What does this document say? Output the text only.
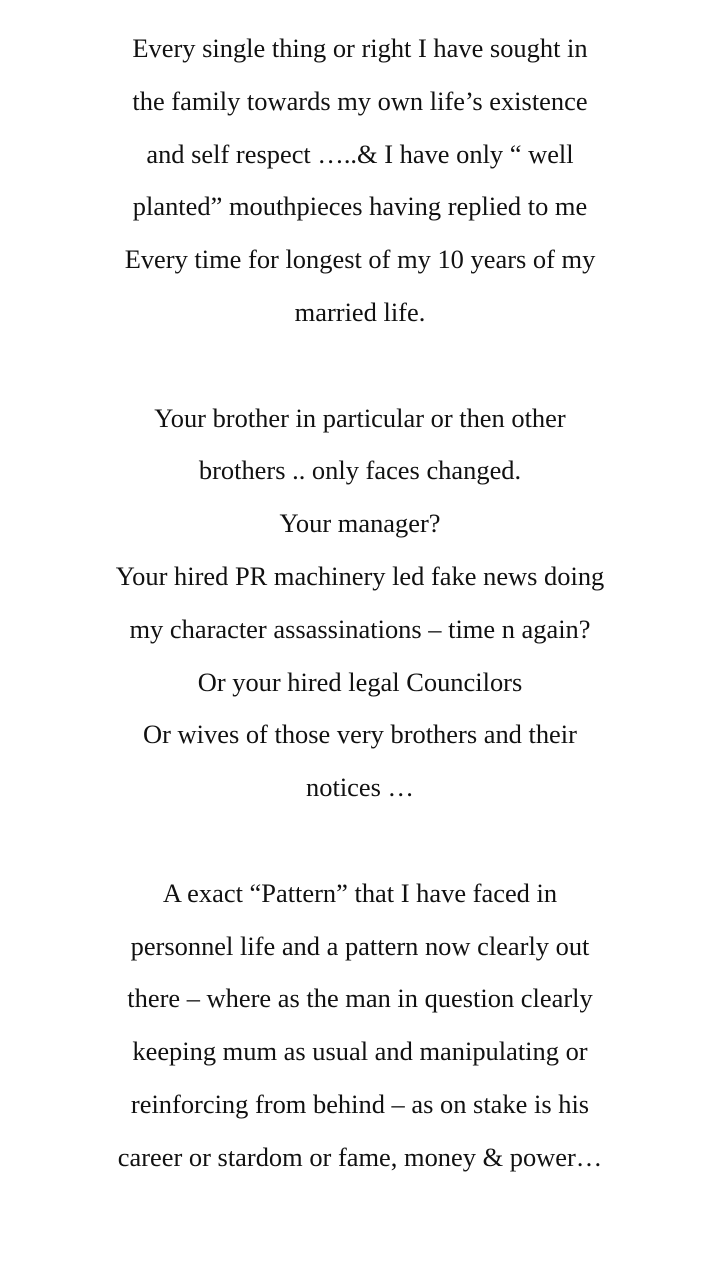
Every single thing or right I have sought in
the family towards my own life’s existence
and self respect …..& I have only “ well
planted” mouthpieces having replied to me
Every time for longest of my 10 years of my
married life.
Your brother in particular or then other
brothers .. only faces changed.
Your manager?
Your hired PR machinery led fake news doing
my character assassinations – time n again?
Or your hired legal Councilors
Or wives of those very brothers and their
notices …
A exact “Pattern” that I have faced in
personnel life and a pattern now clearly out
there – where as the man in question clearly
keeping mum as usual and manipulating or
reinforcing from behind – as on stake is his
career or stardom or fame, money & power…
